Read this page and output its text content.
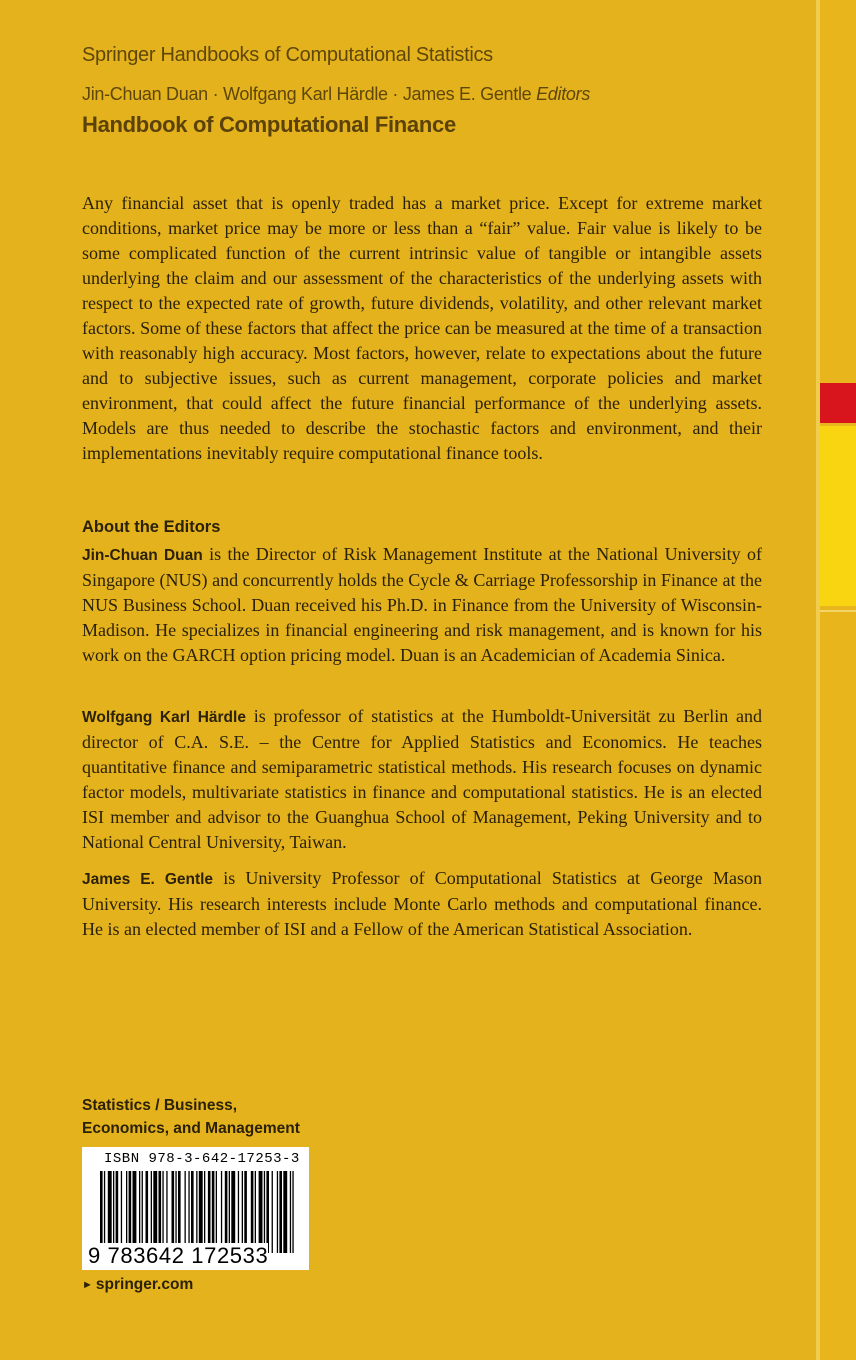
Springer Handbooks of Computational Statistics
Jin-Chuan Duan · Wolfgang Karl Härdle · James E. Gentle Editors
Handbook of Computational Finance

Any financial asset that is openly traded has a market price. Except for extreme market conditions, market price may be more or less than a “fair” value. Fair value is likely to be some complicated function of the current intrinsic value of tangible or intangible assets underlying the claim and our assessment of the characteristics of the underlying assets with respect to the expected rate of growth, future dividends, volatility, and other relevant market factors. Some of these factors that affect the price can be measured at the time of a transaction with reasonably high accuracy. Most factors, however, relate to expectations about the future and to subjective issues, such as current management, corporate policies and market environment, that could affect the future financial performance of the underlying assets. Models are thus needed to describe the stochastic factors and environment, and their implementations inevitably require computational finance tools.

About the Editors

Jin-Chuan Duan is the Director of Risk Management Institute at the National University of Singapore (NUS) and concurrently holds the Cycle & Carriage Professorship in Finance at the NUS Business School. Duan received his Ph.D. in Finance from the University of Wisconsin-Madison. He specializes in financial engineering and risk management, and is known for his work on the GARCH option pricing model. Duan is an Academician of Academia Sinica.

Wolfgang Karl Härdle is professor of statistics at the Humboldt-Universität zu Berlin and director of C.A. S.E. – the Centre for Applied Statistics and Economics. He teaches quantitative finance and semiparametric statistical methods. His research focuses on dynamic factor models, multivariate statistics in finance and computational statistics. He is an elected ISI member and advisor to the Guanghua School of Management, Peking University and to National Central University, Taiwan.

James E. Gentle is University Professor of Computational Statistics at George Mason University. His research interests include Monte Carlo methods and computational finance. He is an elected member of ISI and a Fellow of the American Statistical Association.

Statistics / Business,
Economics, and Management
ISBN 978-3-642-17253-3
9 783642 172533
► springer.com
